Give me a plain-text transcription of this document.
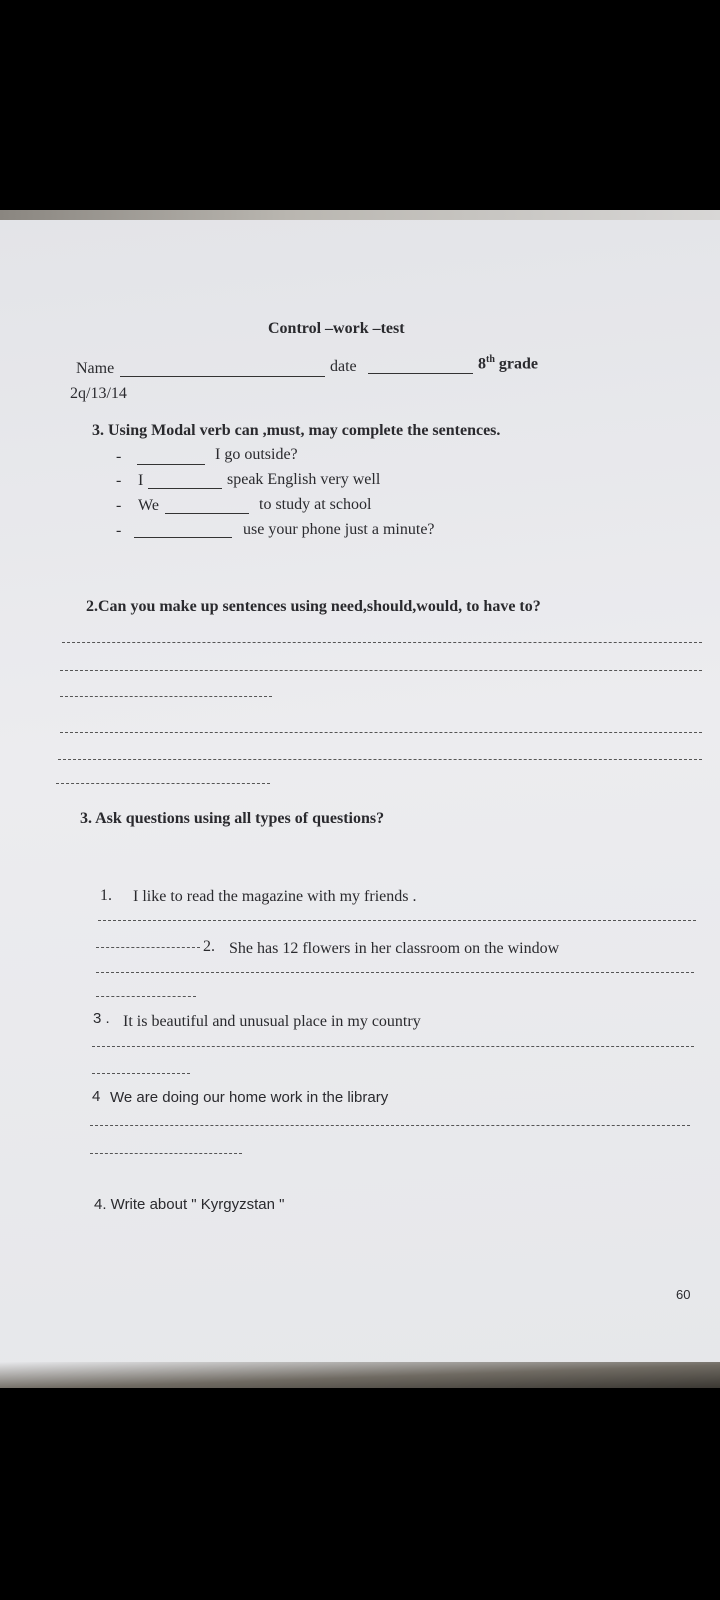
Control –work –test
Name	date	8th grade
2q/13/14
3. Using Modal verb can ,must, may complete the sentences.
-	I go outside?
- I	speak English very well
- We	to study at school
-	use your phone just a minute?
2.Can you make up sentences using need,should,would, to have to?
3. Ask questions using all types of questions?
1. I like to read the magazine with my friends .
2. She has 12 flowers in her classroom on the window
3 . It is beautiful and unusual place in my country
4 We are doing our home work in the library
4. Write about " Kyrgyzstan "
60
